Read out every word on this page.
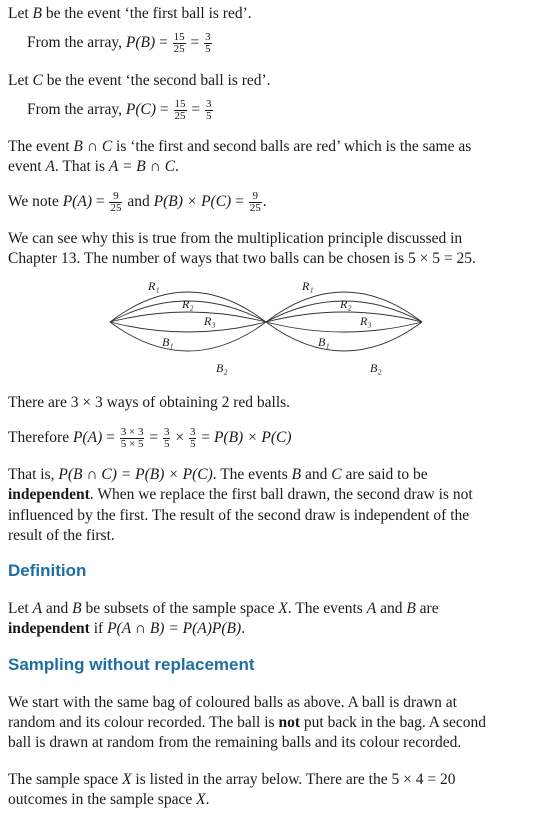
Let B be the event ‘the first ball is red’.
From the array, $P(B) = \frac{15}{25} = \frac{3}{5}$
Let C be the event ‘the second ball is red’.
From the array, $P(C) = \frac{15}{25} = \frac{3}{5}$
The event B ∩ C is ‘the first and second balls are red’ which is the same as
event A. That is A = B ∩ C.
We note $P(A) = \frac{9}{25}$ and $P(B) \times P(C) = \frac{9}{25}$ .
We can see why this is true from the multiplication principle discussed in
Chapter 13. The number of ways that two balls can be chosen is 5 × 5 = 25.
R₁
R₂
R₃
B₁
B₂
R₁
R₂
R₃
B₁
B₂
There are 3 × 3 ways of obtaining 2 red balls.
Therefore $P(A) = \frac{3 \times 3}{5 \times 5} = \frac{3}{5} \times \frac{3}{5} = P(B) \times P(C)$
That is, P(B ∩ C) = P(B) × P(C). The events B and C are said to be
independent. When we replace the first ball drawn, the second draw is not
influenced by the first. The result of the second draw is independent of the
result of the first.
Definition
Let A and B be subsets of the sample space X. The events A and B are
independent if P(A ∩ B) = P(A)P(B).
Sampling without replacement
We start with the same bag of coloured balls as above. A ball is drawn at
random and its colour recorded. The ball is not put back in the bag. A second
ball is drawn at random from the remaining balls and its colour recorded.
The sample space X is listed in the array below. There are the 5 × 4 = 20
outcomes in the sample space X.
